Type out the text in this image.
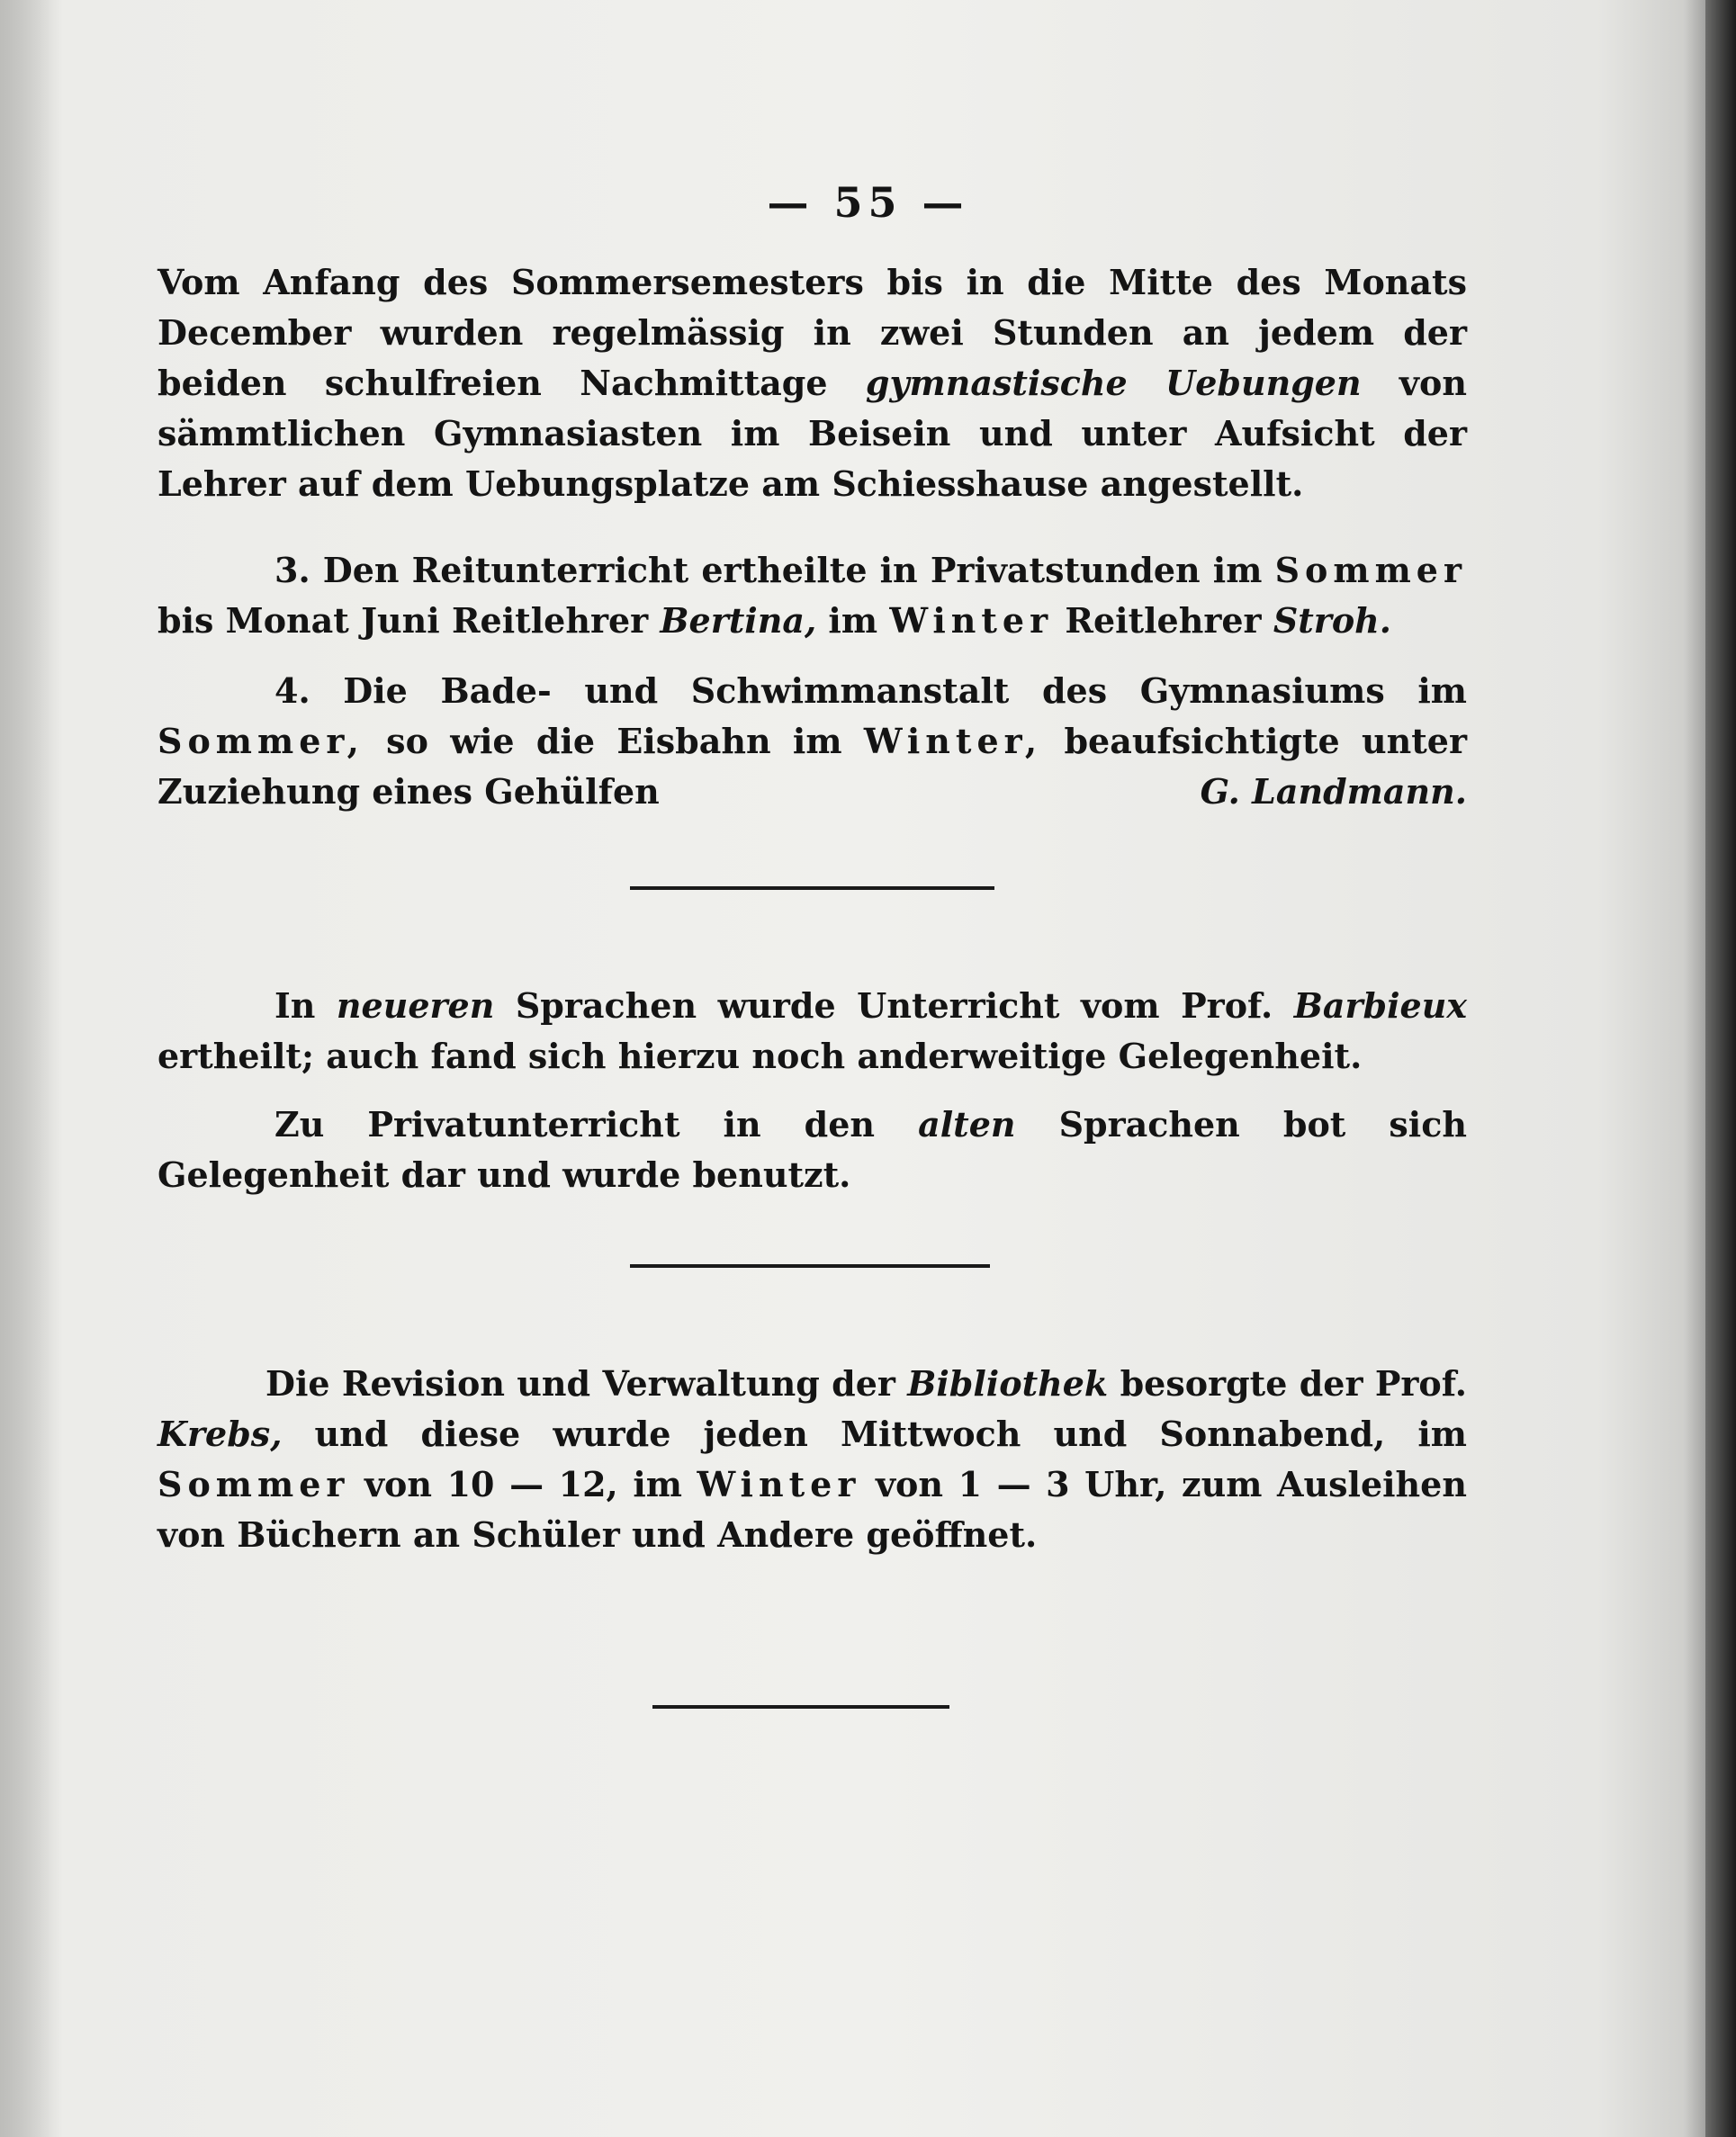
— 55 —

Vom Anfang des Sommersemesters bis in die Mitte des Monats December wurden regelmässig in zwei Stunden an jedem der beiden schulfreien Nachmittage gymnastische Uebungen von sämmtlichen Gymnasiasten im Beisein und unter Aufsicht der Lehrer auf dem Uebungsplatze am Schiesshause angestellt.

3. Den Reitunterricht ertheilte in Privatstunden im Sommer bis Monat Juni Reitlehrer Bertina, im Winter Reitlehrer Stroh.

4. Die Bade- und Schwimmanstalt des Gymnasiums im Sommer, so wie die Eisbahn im Winter, beaufsichtigte unter Zuziehung eines Gehülfen	G. Landmann.

In neueren Sprachen wurde Unterricht vom Prof. Barbieux ertheilt; auch fand sich hierzu noch anderweitige Gelegenheit.

Zu Privatunterricht in den alten Sprachen bot sich Gelegenheit dar und wurde benutzt.

Die Revision und Verwaltung der Bibliothek besorgte der Prof. Krebs, und diese wurde jeden Mittwoch und Sonnabend, im Sommer von 10 — 12, im Winter von 1 — 3 Uhr, zum Ausleihen von Büchern an Schüler und Andere geöffnet.
